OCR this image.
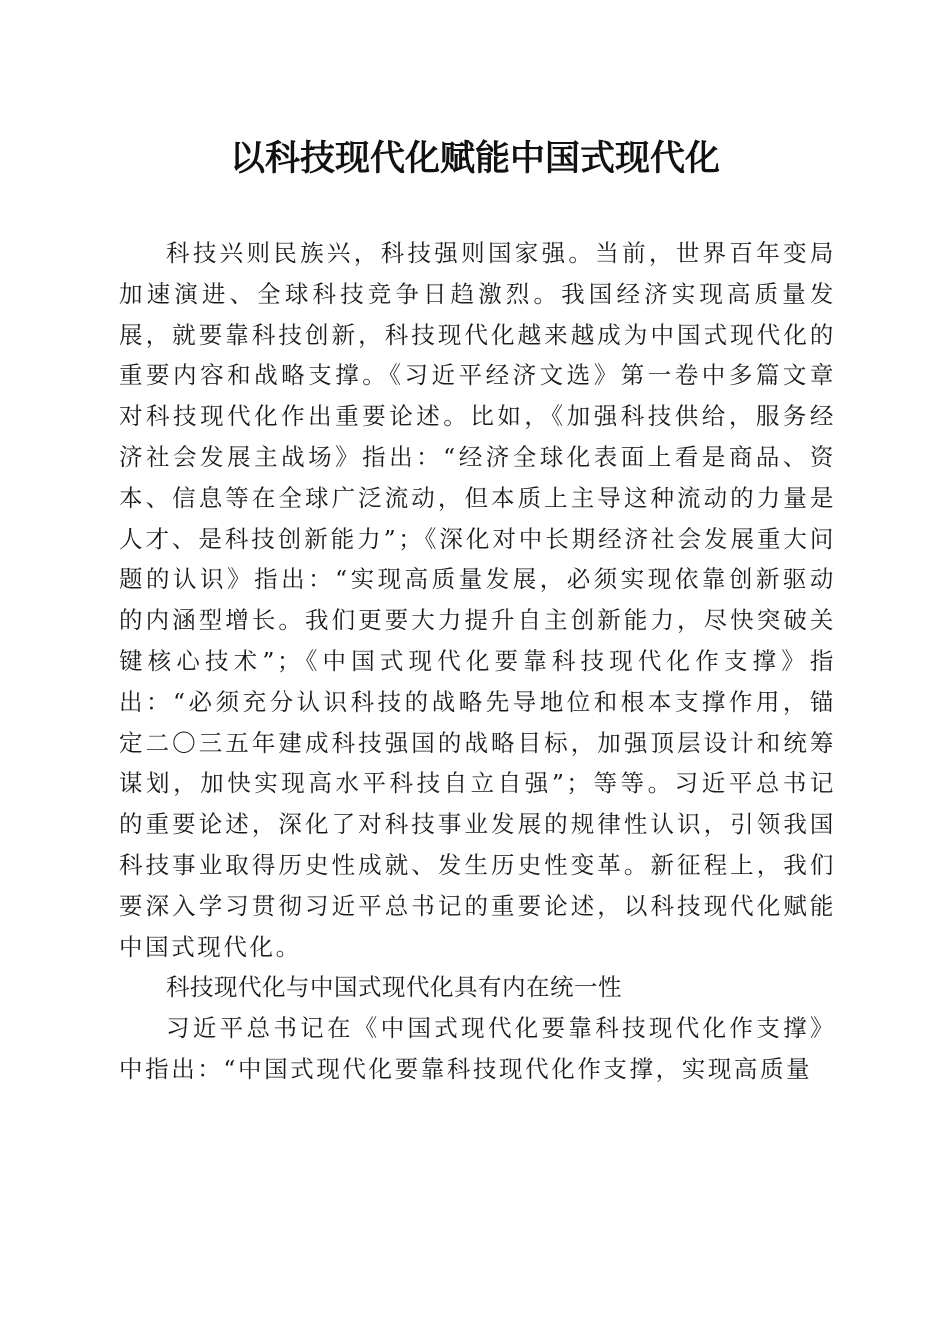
以科技现代化赋能中国式现代化

科技兴则民族兴，科技强则国家强。当前，世界百年变局加速演进、全球科技竞争日趋激烈。我国经济实现高质量发展，就要靠科技创新，科技现代化越来越成为中国式现代化的重要内容和战略支撑。《习近平经济文选》第一卷中多篇文章对科技现代化作出重要论述。比如，《加强科技供给，服务经济社会发展主战场》指出：“经济全球化表面上看是商品、资本、信息等在全球广泛流动，但本质上主导这种流动的力量是人才、是科技创新能力”；《深化对中长期经济社会发展重大问题的认识》指出：“实现高质量发展，必须实现依靠创新驱动的内涵型增长。我们更要大力提升自主创新能力，尽快突破关键核心技术”；《中国式现代化要靠科技现代化作支撑》指出：“必须充分认识科技的战略先导地位和根本支撑作用，锚定二〇三五年建成科技强国的战略目标，加强顶层设计和统筹谋划，加快实现高水平科技自立自强”；等等。习近平总书记的重要论述，深化了对科技事业发展的规律性认识，引领我国科技事业取得历史性成就、发生历史性变革。新征程上，我们要深入学习贯彻习近平总书记的重要论述，以科技现代化赋能中国式现代化。

科技现代化与中国式现代化具有内在统一性

习近平总书记在《中国式现代化要靠科技现代化作支撑》中指出：“中国式现代化要靠科技现代化作支撑，实现高质量
